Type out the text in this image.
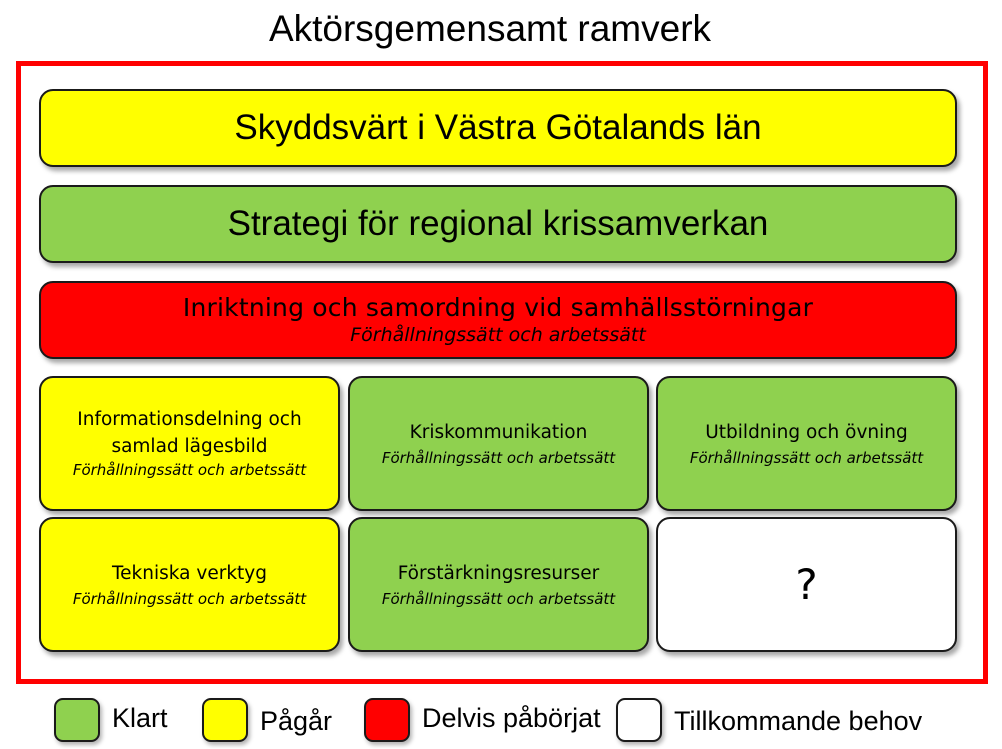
Aktörsgemensamt ramverk
Skyddsvärt i Västra Götalands län
Strategi för regional krissamverkan
Inriktning och samordning vid samhällsstörningar
Förhållningssätt och arbetssätt
Informationsdelning och
samlad lägesbild
Förhållningssätt och arbetssätt
Kriskommunikation
Förhållningssätt och arbetssätt
Utbildning och övning
Förhållningssätt och arbetssätt
Tekniska verktyg
Förhållningssätt och arbetssätt
Förstärkningsresurser
Förhållningssätt och arbetssätt	?
Klart	Pågår	Delvis påbörjat	Tillkommande behov
